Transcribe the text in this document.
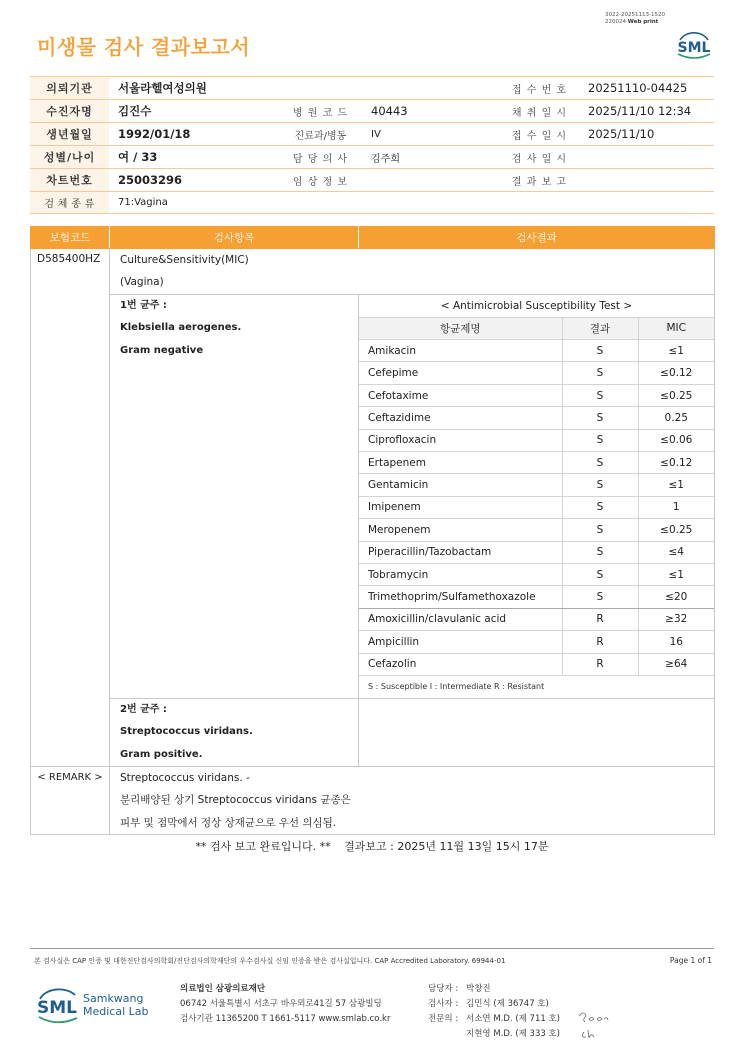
3022-20251113-1520
220024 Web print
미생물 검사 결과보고서	SML
의뢰기관	서울라헬여성의원			접 수 번 호	20251110-04425
수진자명	김진수	병 원 코 드	40443	채 취 일 시	2025/11/10 12:34
생년월일	1992/01/18	진료과/병동	IV	접 수 일 시	2025/11/10
성별/나이	여 / 33	담 당 의 사	김주희	검 사 일 시	
차트번호	25003296	임 상 정 보		결 과 보 고	
검 체 종 류	71:Vagina				
보험코드	검사항목	검사결과
D585400HZ	Culture&Sensitivity(MIC)
(Vagina)

1번 균주 :
Klebsiella aerogenes.
Gram negative

< Antimicrobial Susceptibility Test >
항균제명	결과	MIC
Amikacin	S	≤1
Cefepime	S	≤0.12
Cefotaxime	S	≤0.25
Ceftazidime	S	0.25
Ciprofloxacin	S	≤0.06
Ertapenem	S	≤0.12
Gentamicin	S	≤1
Imipenem	S	1
Meropenem	S	≤0.25
Piperacillin/Tazobactam	S	≤4
Tobramycin	S	≤1
Trimethoprim/Sulfamethoxazole	S	≤20
Amoxicillin/clavulanic acid	R	≥32
Ampicillin	R	16
Cefazolin	R	≥64
S : Susceptible I : Intermediate R : Resistant

2번 균주 :
Streptococcus viridans.
Gram positive.

< REMARK >	Streptococcus viridans. -
분리배양된 상기 Streptococcus viridans 균종은
피부 및 점막에서 정상 상재균으로 우선 의심됨.
** 검사 보고 완료입니다. ** 결과보고 : 2025년 11월 13일 15시 17분
본 검사실은 CAP 인증 및 대한진단검사의학회/진단검사의학재단의 우수검사실 신임 인증을 받은 검사실입니다. CAP Accredited Laboratory. 69944-01	Page 1 of 1
SML Samkwang
Medical Lab
의료법인 삼광의료재단
06742 서울특별시 서초구 바우뫼로41길 57 삼광빌딩
검사기관 11365200 T 1661-5117 www.smlab.co.kr
담당자 : 박창진
검사자 : 김민식 (제 36747 호)
전문의 : 서소연 M.D. (제 711 호)
지현영 M.D. (제 333 호)
